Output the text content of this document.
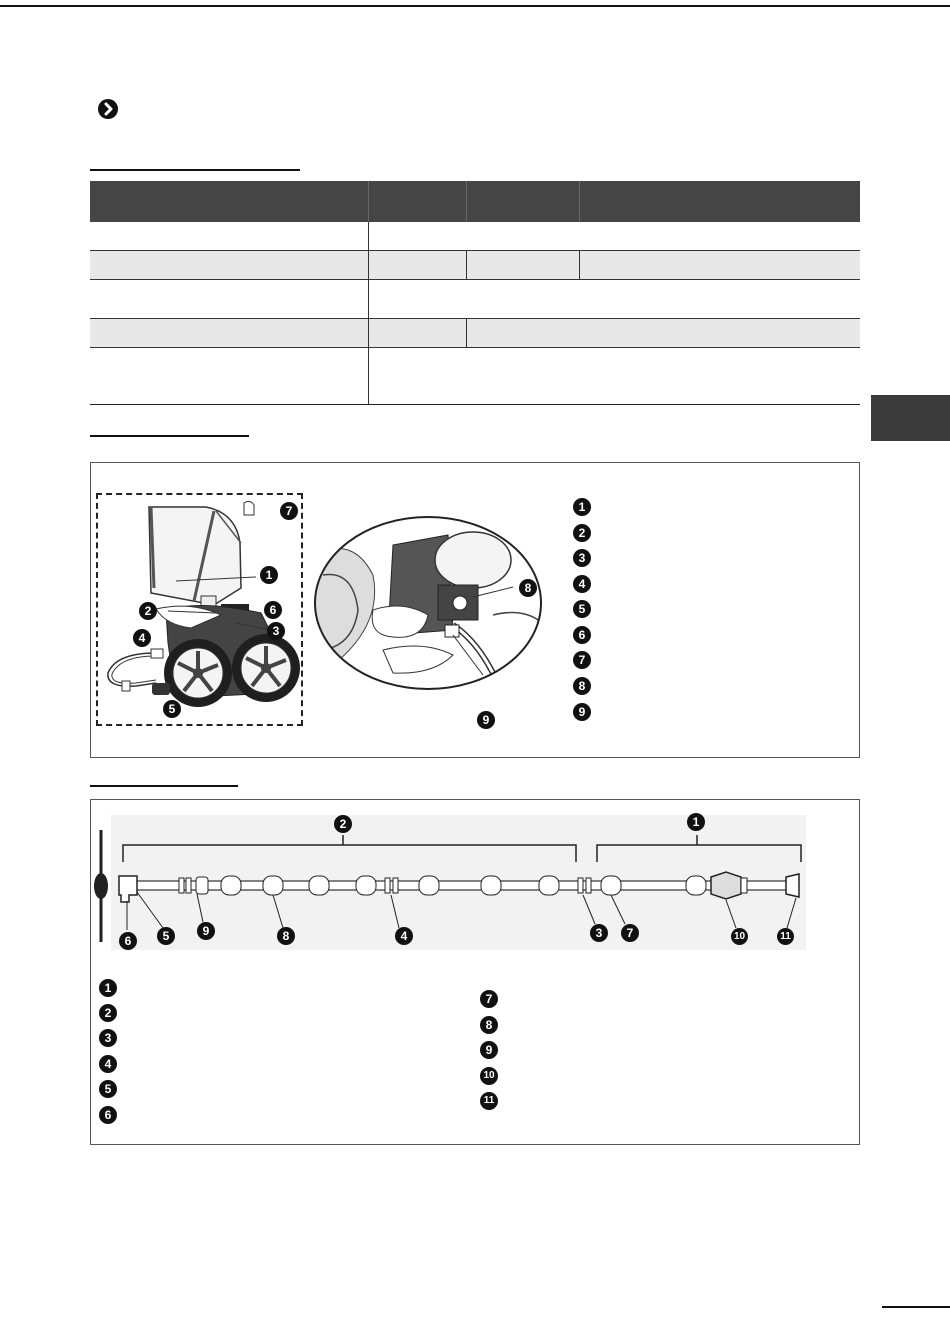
1
7
2	6
3
4
5
8
9
1
2
3
4
5
6
7
8
9
2	1
6	5	9	8	4	3	7	10	11
1
2
3
4
5
6
7
8
9
10
11
